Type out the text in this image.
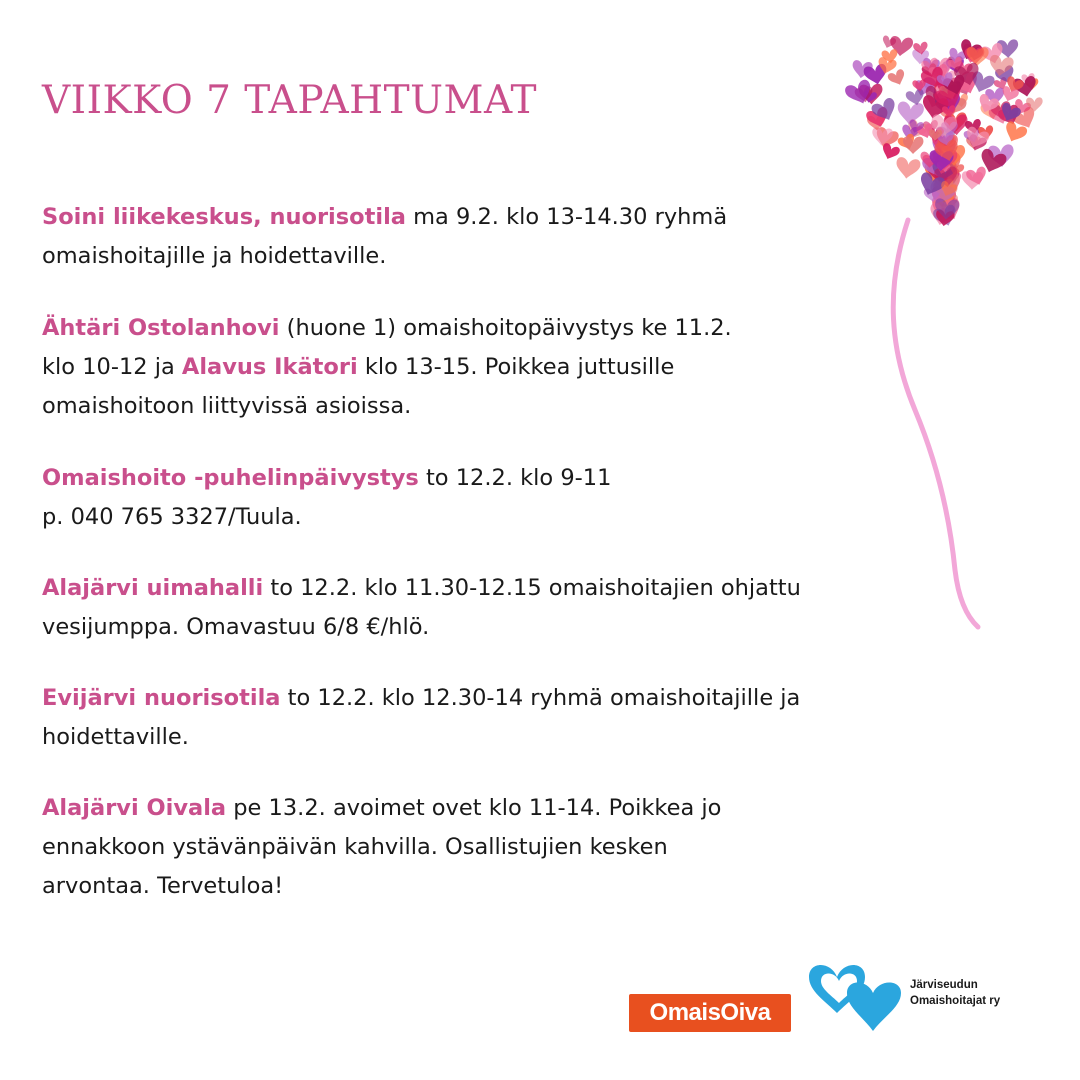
VIIKKO 7 TAPAHTUMAT

Soini liikekeskus, nuorisotila ma 9.2. klo 13-14.30 ryhmä
omaishoitajille ja hoidettaville.

Ähtäri Ostolanhovi (huone 1) omaishoitopäivystys ke 11.2.
klo 10-12 ja Alavus Ikätori klo 13-15. Poikkea juttusille
omaishoitoon liittyvissä asioissa.

Omaishoito -puhelinpäivystys to 12.2. klo 9-11
p. 040 765 3327/Tuula.

Alajärvi uimahalli to 12.2. klo 11.30-12.15 omaishoitajien ohjattu
vesijumppa. Omavastuu 6/8 €/hlö.

Evijärvi nuorisotila to 12.2. klo 12.30-14 ryhmä omaishoitajille ja
hoidettaville.

Alajärvi Oivala pe 13.2. avoimet ovet klo 11-14. Poikkea jo
ennakkoon ystävänpäivän kahvilla. Osallistujien kesken
arvontaa. Tervetuloa!

OmaisOiva
Järviseudun
Omaishoitajat ry
